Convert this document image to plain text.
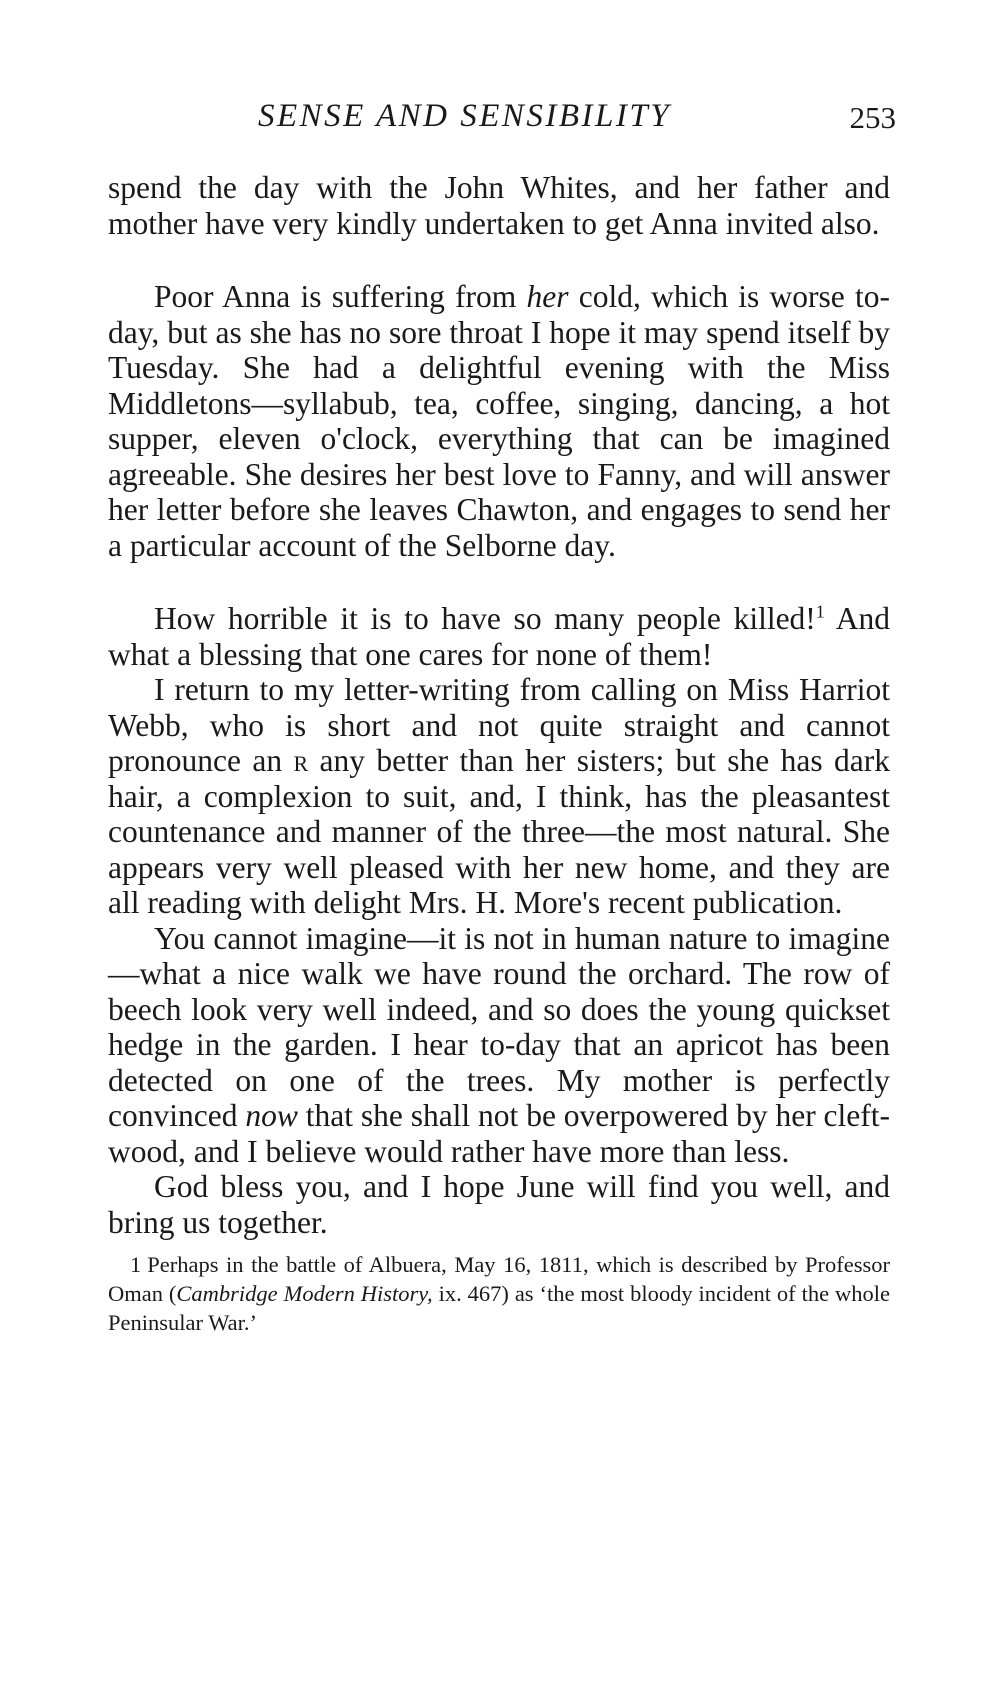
SENSE AND SENSIBILITY	253

spend the day with the John Whites, and her father and mother have very kindly undertaken to get Anna invited also.

Poor Anna is suffering from her cold, which is worse to-day, but as she has no sore throat I hope it may spend itself by Tuesday. She had a delightful evening with the Miss Middletons—syllabub, tea, coffee, singing, dancing, a hot supper, eleven o'clock, everything that can be imagined agreeable. She desires her best love to Fanny, and will answer her letter before she leaves Chawton, and engages to send her a particular account of the Selborne day.

How horrible it is to have so many people killed!$^1$ And what a blessing that one cares for none of them!

I return to my letter-writing from calling on Miss Harriot Webb, who is short and not quite straight and cannot pronounce an r any better than her sisters; but she has dark hair, a complexion to suit, and, I think, has the pleasantest countenance and manner of the three—the most natural. She appears very well pleased with her new home, and they are all reading with delight Mrs. H. More's recent publication.

You cannot imagine—it is not in human nature to imagine—what a nice walk we have round the orchard. The row of beech look very well indeed, and so does the young quickset hedge in the garden. I hear to-day that an apricot has been detected on one of the trees. My mother is perfectly convinced now that she shall not be overpowered by her cleft-wood, and I believe would rather have more than less.

God bless you, and I hope June will find you well, and bring us together.

1 Perhaps in the battle of Albuera, May 16, 1811, which is described by Professor Oman (Cambridge Modern History, ix. 467) as ‘the most bloody incident of the whole Peninsular War.’
